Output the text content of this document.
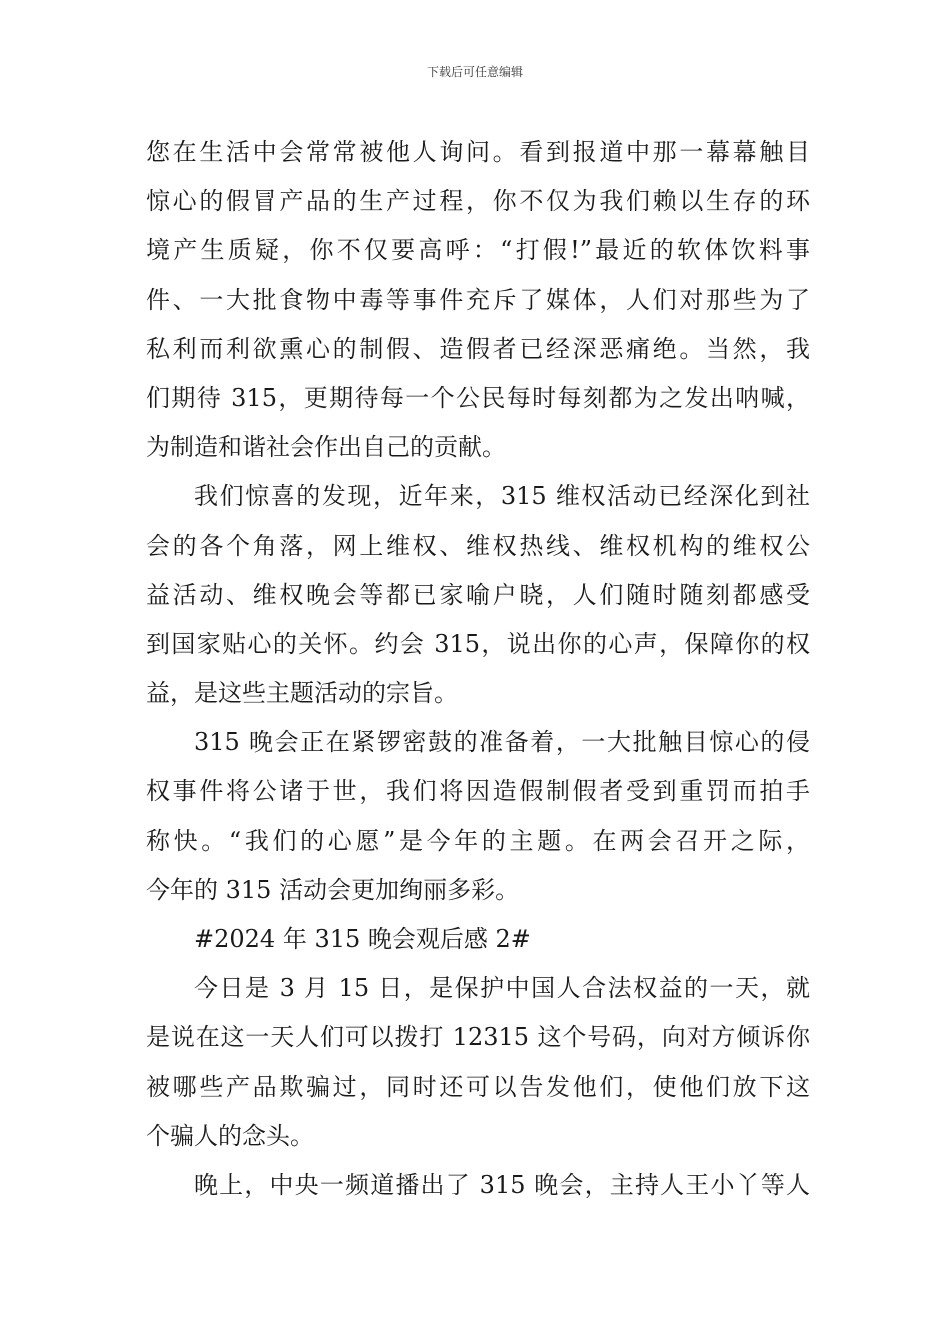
下载后可任意编辑
您在生活中会常常被他人询问。看到报道中那一幕幕触目
惊心的假冒产品的生产过程，你不仅为我们赖以生存的环
境产生质疑，你不仅要高呼：“打假!”最近的软体饮料事
件、一大批食物中毒等事件充斥了媒体，人们对那些为了
私利而利欲熏心的制假、造假者已经深恶痛绝。当然，我
们期待 315，更期待每一个公民每时每刻都为之发出呐喊，
为制造和谐社会作出自己的贡献。
我们惊喜的发现，近年来，315 维权活动已经深化到社
会的各个角落，网上维权、维权热线、维权机构的维权公
益活动、维权晚会等都已家喻户晓，人们随时随刻都感受
到国家贴心的关怀。约会 315，说出你的心声，保障你的权
益，是这些主题活动的宗旨。
315 晚会正在紧锣密鼓的准备着，一大批触目惊心的侵
权事件将公诸于世，我们将因造假制假者受到重罚而拍手
称快。“我们的心愿”是今年的主题。在两会召开之际，
今年的 315 活动会更加绚丽多彩。
#2024 年 315 晚会观后感 2#
今日是 3 月 15 日，是保护中国人合法权益的一天，就
是说在这一天人们可以拨打 12315 这个号码，向对方倾诉你
被哪些产品欺骗过，同时还可以告发他们，使他们放下这
个骗人的念头。
晚上，中央一频道播出了 315 晚会，主持人王小丫等人
